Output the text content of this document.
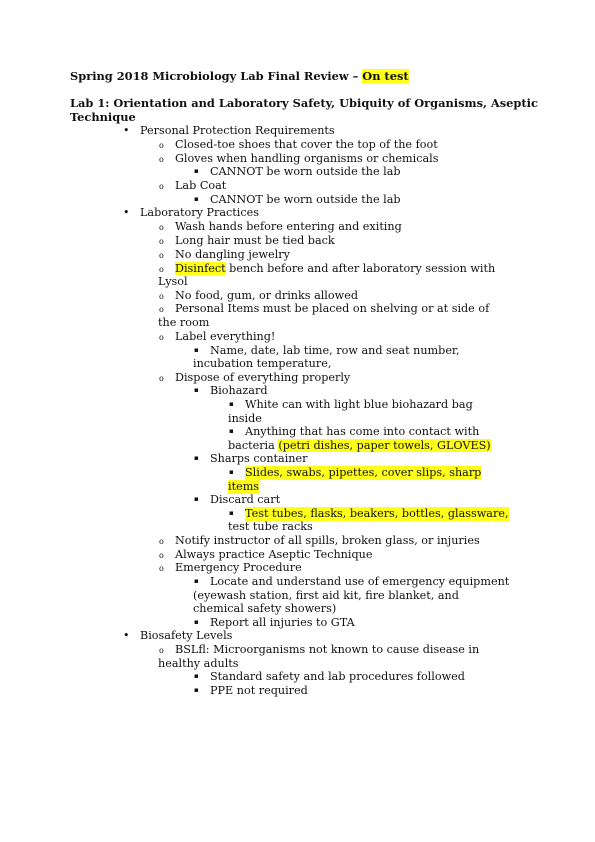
Spring 2018 Microbiology Lab Final Review – On test
Lab 1: Orientation and Laboratory Safety, Ubiquity of Organisms, Aseptic Technique
• Personal Protection Requirements
o Closed-toe shoes that cover the top of the foot
o Gloves when handling organisms or chemicals
▪ CANNOT be worn outside the lab
o Lab Coat
▪ CANNOT be worn outside the lab
• Laboratory Practices
o Wash hands before entering and exiting
o Long hair must be tied back
o No dangling jewelry
o Disinfect bench before and after laboratory session with
Lysol
o No food, gum, or drinks allowed
o Personal Items must be placed on shelving or at side of
the room
o Label everything!
▪ Name, date, lab time, row and seat number,
incubation temperature,
o Dispose of everything properly
▪ Biohazard
▪ White can with light blue biohazard bag
inside
▪ Anything that has come into contact with
bacteria (petri dishes, paper towels, GLOVES)
▪ Sharps container
▪ Slides, swabs, pipettes, cover slips, sharp
items
▪ Discard cart
▪ Test tubes, flasks, beakers, bottles, glassware,
test tube racks
o Notify instructor of all spills, broken glass, or injuries
o Always practice Aseptic Technique
o Emergency Procedure
▪ Locate and understand use of emergency equipment
(eyewash station, first aid kit, fire blanket, and
chemical safety showers)
▪ Report all injuries to GTA
• Biosafety Levels
o BSLfl: Microorganisms not known to cause disease in
healthy adults
▪ Standard safety and lab procedures followed
▪ PPE not required
